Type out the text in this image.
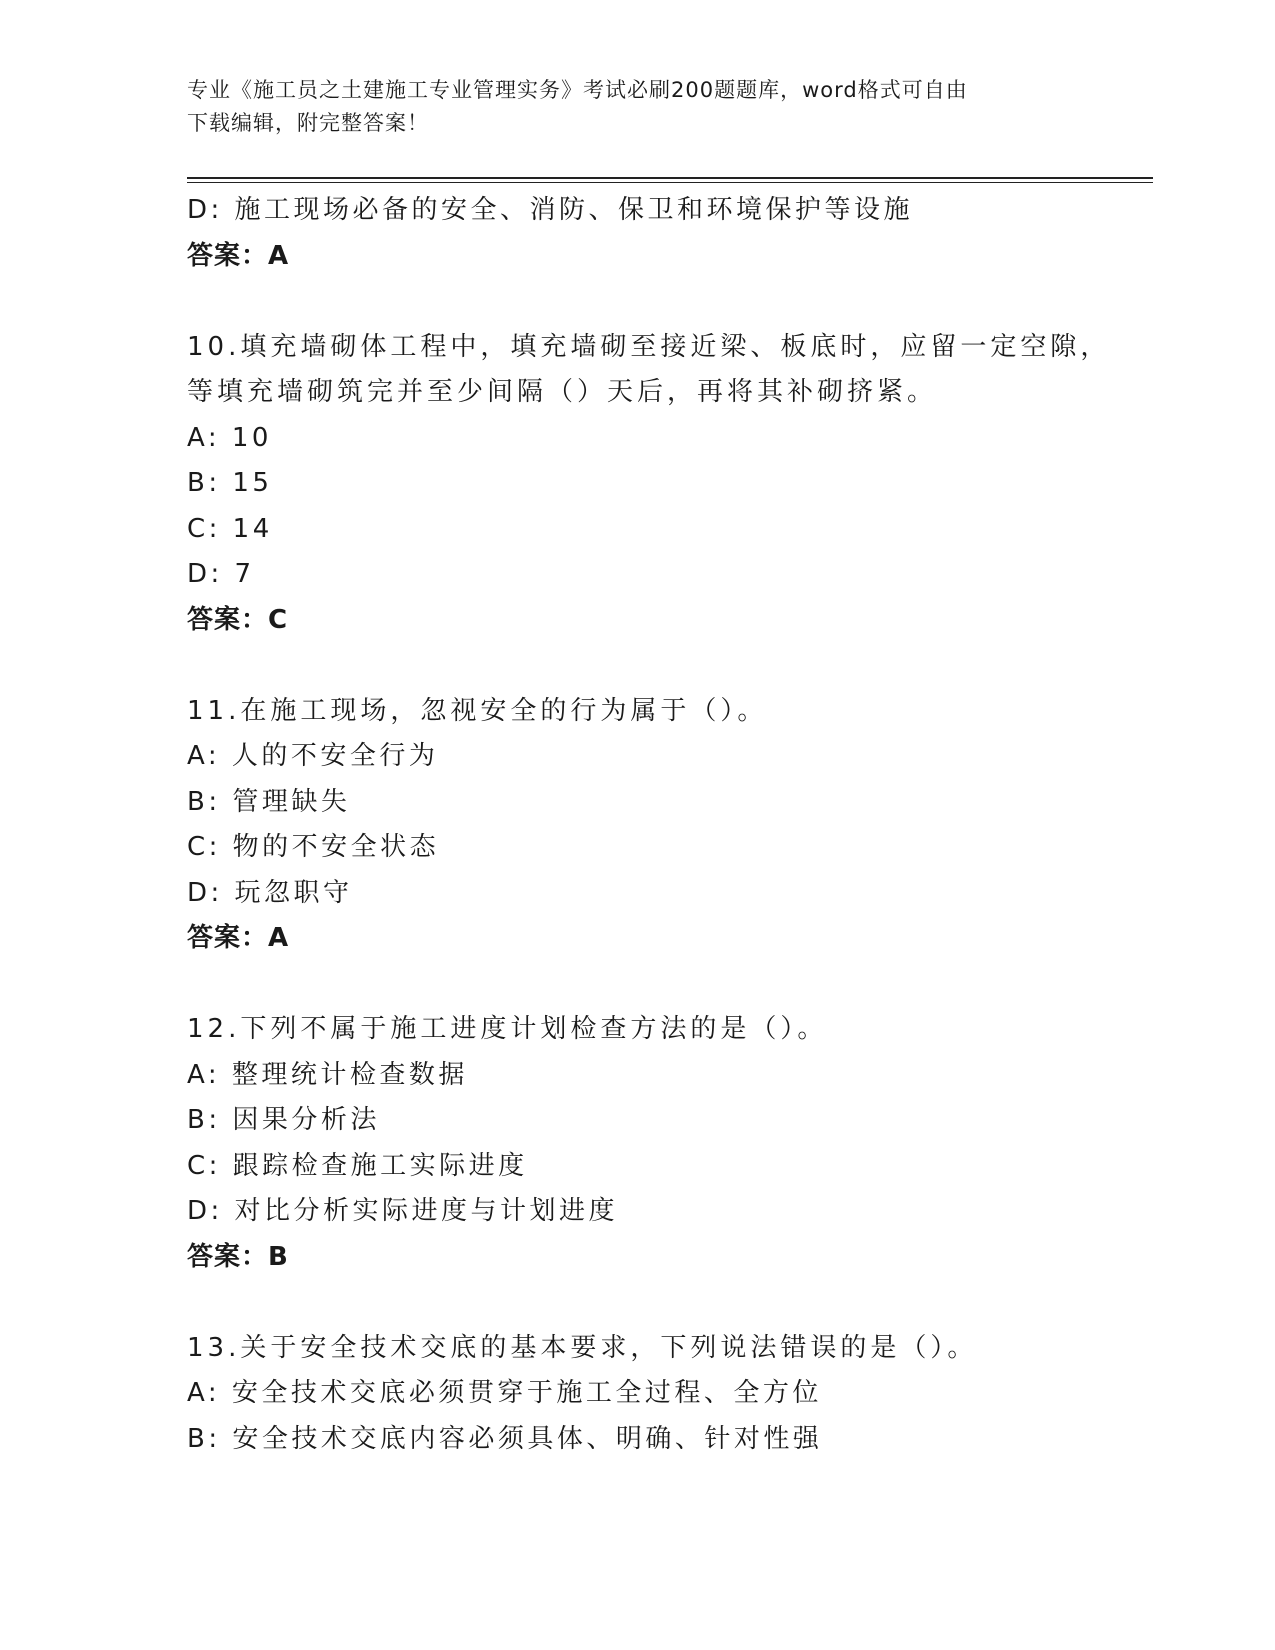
专业《施工员之土建施工专业管理实务》考试必刷200题题库，word格式可自由
下载编辑，附完整答案！
D: 施工现场必备的安全、消防、保卫和环境保护等设施
答案：A
10.填充墙砌体工程中，填充墙砌至接近梁、板底时，应留一定空隙，
等填充墙砌筑完并至少间隔（）天后，再将其补砌挤紧。
A: 10
B: 15
C: 14
D: 7
答案：C
11.在施工现场，忽视安全的行为属于（）。
A: 人的不安全行为
B: 管理缺失
C: 物的不安全状态
D: 玩忽职守
答案：A
12.下列不属于施工进度计划检查方法的是（）。
A: 整理统计检查数据
B: 因果分析法
C: 跟踪检查施工实际进度
D: 对比分析实际进度与计划进度
答案：B
13.关于安全技术交底的基本要求，下列说法错误的是（）。
A: 安全技术交底必须贯穿于施工全过程、全方位
B: 安全技术交底内容必须具体、明确、针对性强
